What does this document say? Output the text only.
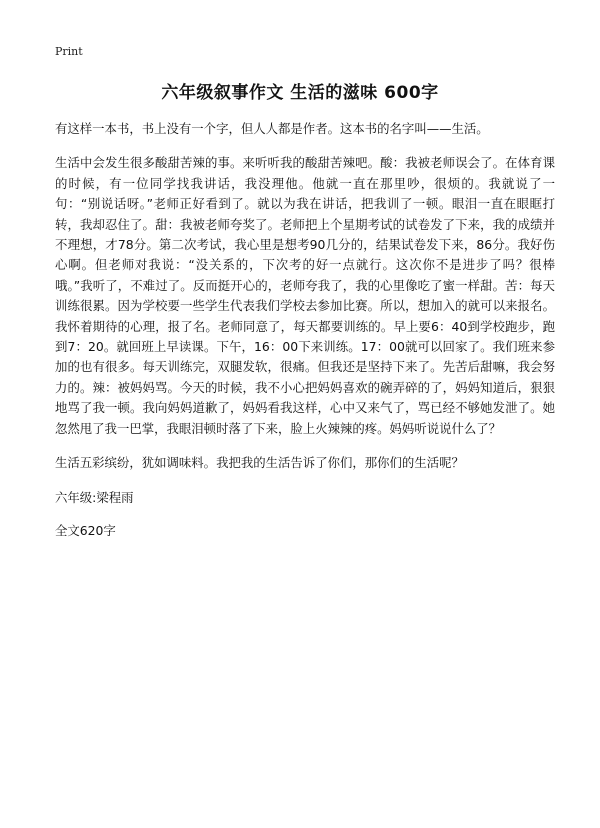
Print
六年级叙事作文 生活的滋味 600字

有这样一本书，书上没有一个字，但人人都是作者。这本书的名字叫——生活。

生活中会发生很多酸甜苦辣的事。来听听我的酸甜苦辣吧。酸：我被老师误会了。在体育课的时候，有一位同学找我讲话，我没理他。他就一直在那里吵，很烦的。我就说了一句：“别说话呀。”老师正好看到了。就以为我在讲话，把我训了一顿。眼泪一直在眼眶打转，我却忍住了。甜：我被老师夸奖了。老师把上个星期考试的试卷发了下来，我的成绩并不理想，才78分。第二次考试，我心里是想考90几分的，结果试卷发下来，86分。我好伤心啊。但老师对我说：“没关系的，下次考的好一点就行。这次你不是进步了吗？很棒哦。”我听了，不难过了。反而挺开心的，老师夸我了，我的心里像吃了蜜一样甜。苦：每天训练很累。因为学校要一些学生代表我们学校去参加比赛。所以，想加入的就可以来报名。我怀着期待的心理，报了名。老师同意了，每天都要训练的。早上要6：40到学校跑步，跑到7：20。就回班上早读课。下午，16：00下来训练。17：00就可以回家了。我们班来参加的也有很多。每天训练完，双腿发软，很痛。但我还是坚持下来了。先苦后甜嘛，我会努力的。辣：被妈妈骂。今天的时候，我不小心把妈妈喜欢的碗弄碎的了，妈妈知道后，狠狠地骂了我一顿。我向妈妈道歉了，妈妈看我这样，心中又来气了，骂已经不够她发泄了。她忽然甩了我一巴掌，我眼泪顿时落了下来，脸上火辣辣的疼。妈妈听说说什么了？

生活五彩缤纷，犹如调味料。我把我的生活告诉了你们，那你们的生活呢？

六年级:梁程雨

全文620字
